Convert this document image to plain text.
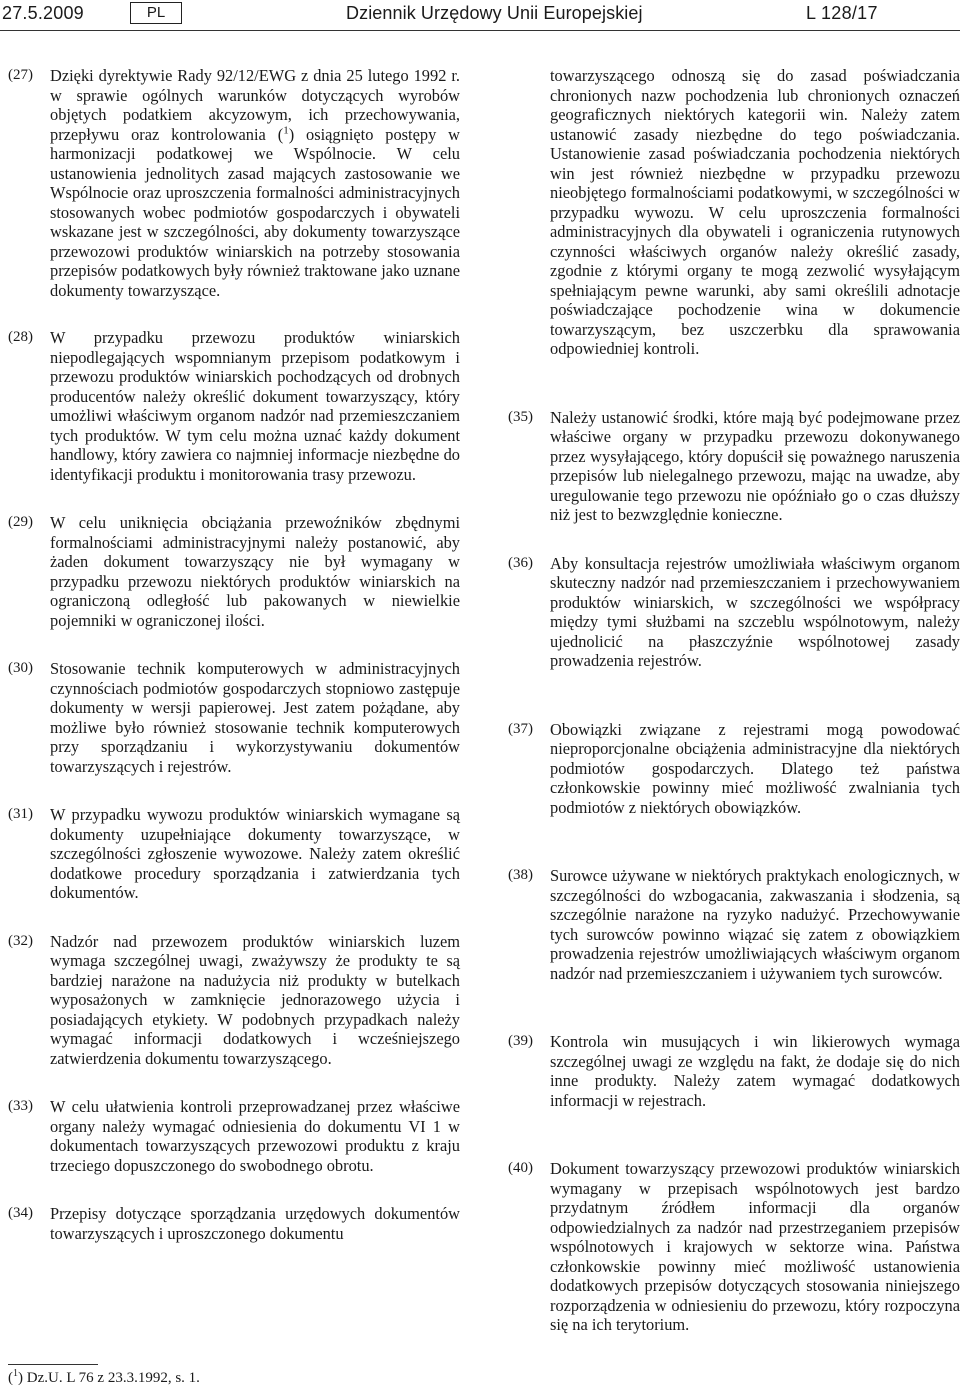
27.5.2009	PL	Dziennik Urzędowy Unii Europejskiej	L 128/17

(27) Dzięki dyrektywie Rady 92/12/EWG z dnia 25 lutego 1992 r. w sprawie ogólnych warunków dotyczących wyrobów objętych podatkiem akcyzowym, ich przechowywania, przepływu oraz kontrolowania ($^1$) osiągnięto postępy w harmonizacji podatkowej we Wspólnocie. W celu ustanowienia jednolitych zasad mających zastosowanie we Wspólnocie oraz uproszczenia formalności administracyjnych stosowanych wobec podmiotów gospodarczych i obywateli wskazane jest w szczególności, aby dokumenty towarzyszące przewozowi produktów winiarskich na potrzeby stosowania przepisów podatkowych były również traktowane jako uznane dokumenty towarzyszące.

(28) W przypadku przewozu produktów winiarskich niepodlegających wspomnianym przepisom podatkowym i przewozu produktów winiarskich pochodzących od drobnych producentów należy określić dokument towarzyszący, który umożliwi właściwym organom nadzór nad przemieszczaniem tych produktów. W tym celu można uznać każdy dokument handlowy, który zawiera co najmniej informacje niezbędne do identyfikacji produktu i monitorowania trasy przewozu.

(29) W celu uniknięcia obciążania przewoźników zbędnymi formalnościami administracyjnymi należy postanowić, aby żaden dokument towarzyszący nie był wymagany w przypadku przewozu niektórych produktów winiarskich na ograniczoną odległość lub pakowanych w niewielkie pojemniki w ograniczonej ilości.

(30) Stosowanie technik komputerowych w administracyjnych czynnościach podmiotów gospodarczych stopniowo zastępuje dokumenty w wersji papierowej. Jest zatem pożądane, aby możliwe było również stosowanie technik komputerowych przy sporządzaniu i wykorzystywaniu dokumentów towarzyszących i rejestrów.

(31) W przypadku wywozu produktów winiarskich wymagane są dokumenty uzupełniające dokumenty towarzyszące, w szczególności zgłoszenie wywozowe. Należy zatem określić dodatkowe procedury sporządzania i zatwierdzania tych dokumentów.

(32) Nadzór nad przewozem produktów winiarskich luzem wymaga szczególnej uwagi, zważywszy że produkty te są bardziej narażone na nadużycia niż produkty w butelkach wyposażonych w zamknięcie jednorazowego użycia i posiadających etykiety. W podobnych przypadkach należy wymagać informacji dodatkowych i wcześniejszego zatwierdzenia dokumentu towarzyszącego.

(33) W celu ułatwienia kontroli przeprowadzanej przez właściwe organy należy wymagać odniesienia do dokumentu VI 1 w dokumentach towarzyszących przewozowi produktu z kraju trzeciego dopuszczonego do swobodnego obrotu.

(34) Przepisy dotyczące sporządzania urzędowych dokumentów towarzyszących i uproszczonego dokumentu

towarzyszącego odnoszą się do zasad poświadczania chronionych nazw pochodzenia lub chronionych oznaczeń geograficznych niektórych kategorii win. Należy zatem ustanowić zasady niezbędne do tego poświadczania. Ustanowienie zasad poświadczania pochodzenia niektórych win jest również niezbędne w przypadku przewozu nieobjętego formalnościami podatkowymi, w szczególności w przypadku wywozu. W celu uproszczenia formalności administracyjnych dla obywateli i ograniczenia rutynowych czynności właściwych organów należy określić zasady, zgodnie z którymi organy te mogą zezwolić wysyłającym spełniającym pewne warunki, aby sami określili adnotacje poświadczające pochodzenie wina w dokumencie towarzyszącym, bez uszczerbku dla sprawowania odpowiedniej kontroli.

(35) Należy ustanowić środki, które mają być podejmowane przez właściwe organy w przypadku przewozu dokonywanego przez wysyłającego, który dopuścił się poważnego naruszenia przepisów lub nielegalnego przewozu, mając na uwadze, aby uregulowanie tego przewozu nie opóźniało go o czas dłuższy niż jest to bezwzględnie konieczne.

(36) Aby konsultacja rejestrów umożliwiała właściwym organom skuteczny nadzór nad przemieszczaniem i przechowywaniem produktów winiarskich, w szczególności we współpracy między tymi służbami na szczeblu wspólnotowym, należy ujednolicić na płaszczyźnie wspólnotowej zasady prowadzenia rejestrów.

(37) Obowiązki związane z rejestrami mogą powodować nieproporcjonalne obciążenia administracyjne dla niektórych podmiotów gospodarczych. Dlatego też państwa członkowskie powinny mieć możliwość zwalniania tych podmiotów z niektórych obowiązków.

(38) Surowce używane w niektórych praktykach enologicznych, w szczególności do wzbogacania, zakwaszania i słodzenia, są szczególnie narażone na ryzyko nadużyć. Przechowywanie tych surowców powinno wiązać się zatem z obowiązkiem prowadzenia rejestrów umożliwiających właściwym organom nadzór nad przemieszczaniem i używaniem tych surowców.

(39) Kontrola win musujących i win likierowych wymaga szczególnej uwagi ze względu na fakt, że dodaje się do nich inne produkty. Należy zatem wymagać dodatkowych informacji w rejestrach.

(40) Dokument towarzyszący przewozowi produktów winiarskich wymagany w przepisach wspólnotowych jest bardzo przydatnym źródłem informacji dla organów odpowiedzialnych za nadzór nad przestrzeganiem przepisów wspólnotowych i krajowych w sektorze wina. Państwa członkowskie powinny mieć możliwość ustanowienia dodatkowych przepisów dotyczących stosowania niniejszego rozporządzenia w odniesieniu do przewozu, który rozpoczyna się na ich terytorium.

($^1$) Dz.U. L 76 z 23.3.1992, s. 1.
